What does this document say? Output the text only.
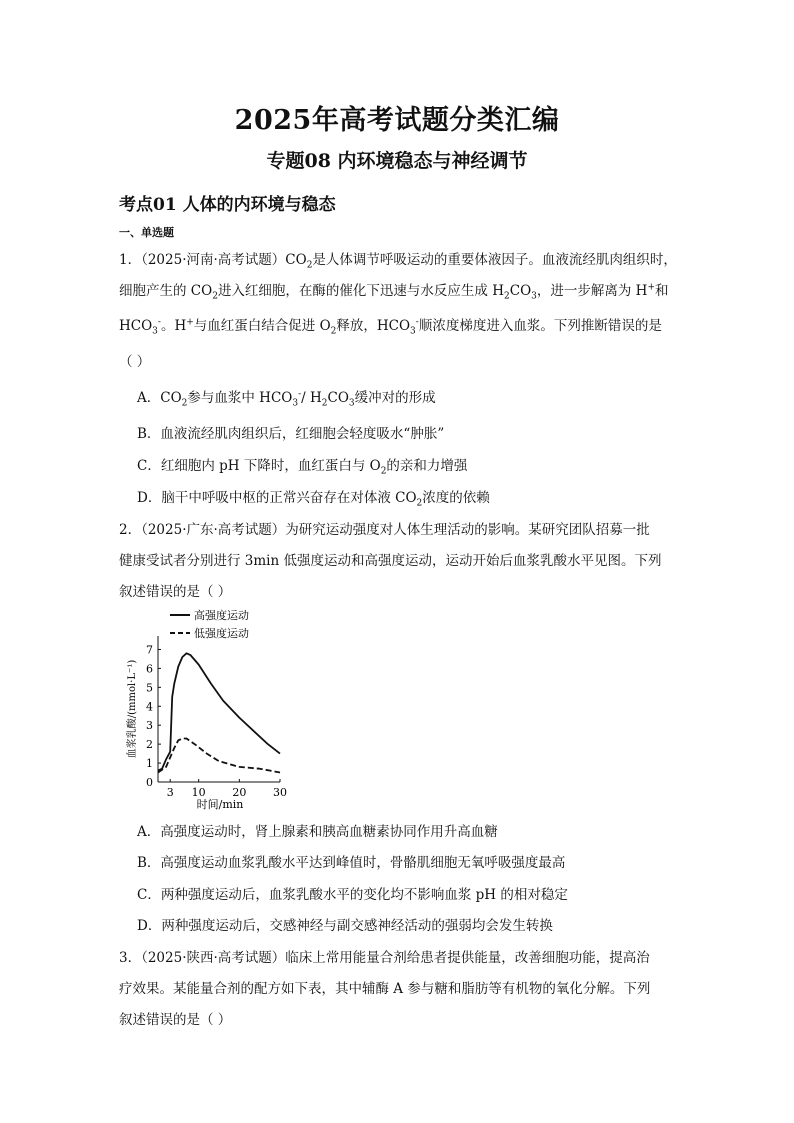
2025年高考试题分类汇编
专题08 内环境稳态与神经调节
考点01 人体的内环境与稳态
一、单选题
1．（2025·河南·高考试题）$CO_2$是人体调节呼吸运动的重要体液因子。血液流经肌肉组织时，
细胞产生的 $CO_2$进入红细胞，在酶的催化下迅速与水反应生成 $H_2CO_3$，进一步解离为 H+和
$HCO_3^-$。H+与血红蛋白结合促进 $O_2$释放，$HCO_3^-$顺浓度梯度进入血浆。下列推断错误的是
（ ）
A．$CO_2$参与血浆中 $HCO_3^-/$ $H_2CO_3$缓冲对的形成
B．血液流经肌肉组织后，红细胞会轻度吸水“肿胀”
C．红细胞内 pH 下降时，血红蛋白与 $O_2$的亲和力增强
D．脑干中呼吸中枢的正常兴奋存在对体液 $CO_2$浓度的依赖
2．（2025·广东·高考试题）为研究运动强度对人体生理活动的影响。某研究团队招募一批
健康受试者分别进行 3min 低强度运动和高强度运动，运动开始后血浆乳酸水平见图。下列
叙述错误的是（ ）
高强度运动
低强度运动
0
1
2
3
4
5
6
7
3 10 20 30
时间/min
血浆乳酸/(mmol·L⁻¹)
A．高强度运动时，肾上腺素和胰高血糖素协同作用升高血糖
B．高强度运动血浆乳酸水平达到峰值时，骨骼肌细胞无氧呼吸强度最高
C．两种强度运动后，血浆乳酸水平的变化均不影响血浆 pH 的相对稳定
D．两种强度运动后，交感神经与副交感神经活动的强弱均会发生转换
3．（2025·陕西·高考试题）临床上常用能量合剂给患者提供能量，改善细胞功能，提高治
疗效果。某能量合剂的配方如下表，其中辅酶 A 参与糖和脂肪等有机物的氧化分解。下列
叙述错误的是（ ）
